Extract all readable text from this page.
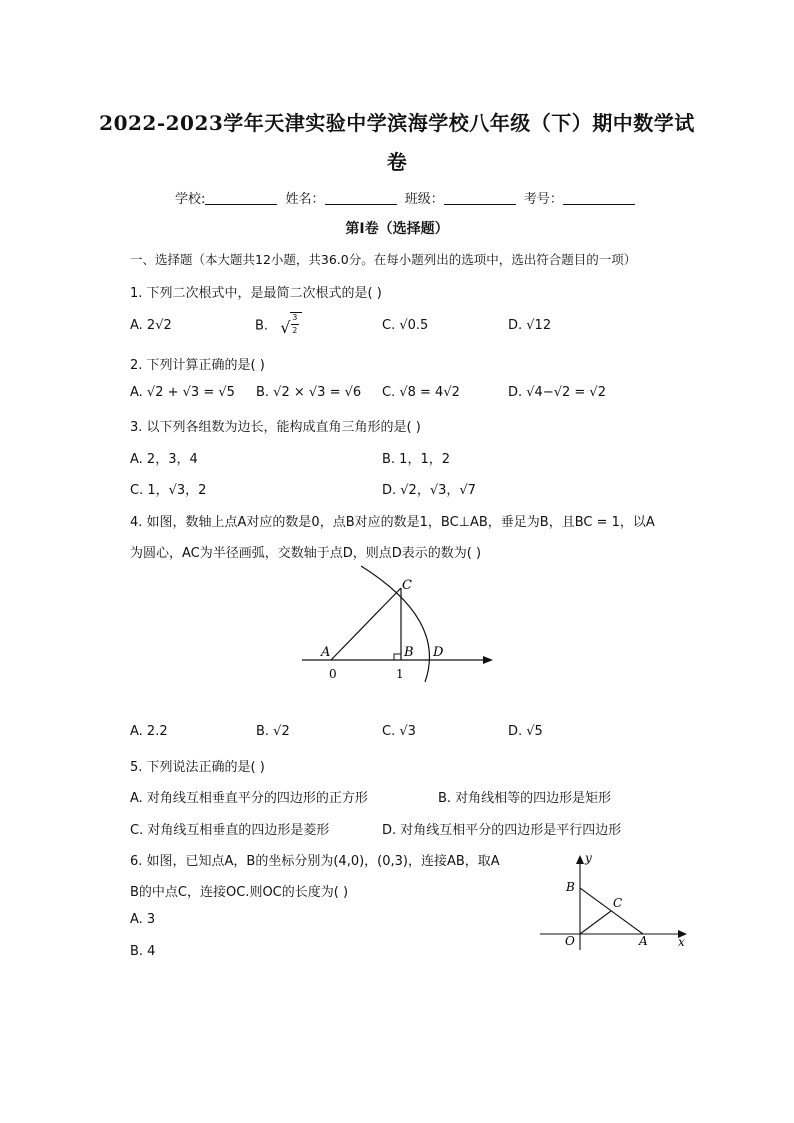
2022-2023学年天津实验中学滨海学校八年级（下）期中数学试
卷
学校:	姓名：	班级：	考号：
第I卷（选择题）
一、选择题（本大题共12小题，共36.0分。在每小题列出的选项中，选出符合题目的一项）
1. 下列二次根式中，是最简二次根式的是( )
A. 2√2	B. √
3
2	C. √0.5	D. √12
2. 下列计算正确的是( )
A. √2 + √3 = √5 B. √2 × √3 = √6 C. √8 = 4√2	D. √4−√2 = √2
3. 以下列各组数为边长，能构成直角三角形的是( )
A. 2，3，4	B. 1，1，2
C. 1，√3，2	D. √2，√3，√7
4. 如图，数轴上点A对应的数是0，点B对应的数是1，BC⊥AB，垂足为B，且BC = 1，以A
为圆心，AC为半径画弧，交数轴于点D，则点D表示的数为( )
A	B
C
D
0	1
A. 2.2	B. √2	C. √3	D. √5
5. 下列说法正确的是( )
A. 对角线互相垂直平分的四边形的正方形	B. 对角线相等的四边形是矩形
C. 对角线互相垂直的四边形是菱形	D. 对角线互相平分的四边形是平行四边形
6. 如图，已知点A，B的坐标分别为(4,0)，(0,3)，连接AB，取A
B的中点C，连接OC.则OC的长度为( )
A. 3
B. 4
y
x
B
C
O	A
